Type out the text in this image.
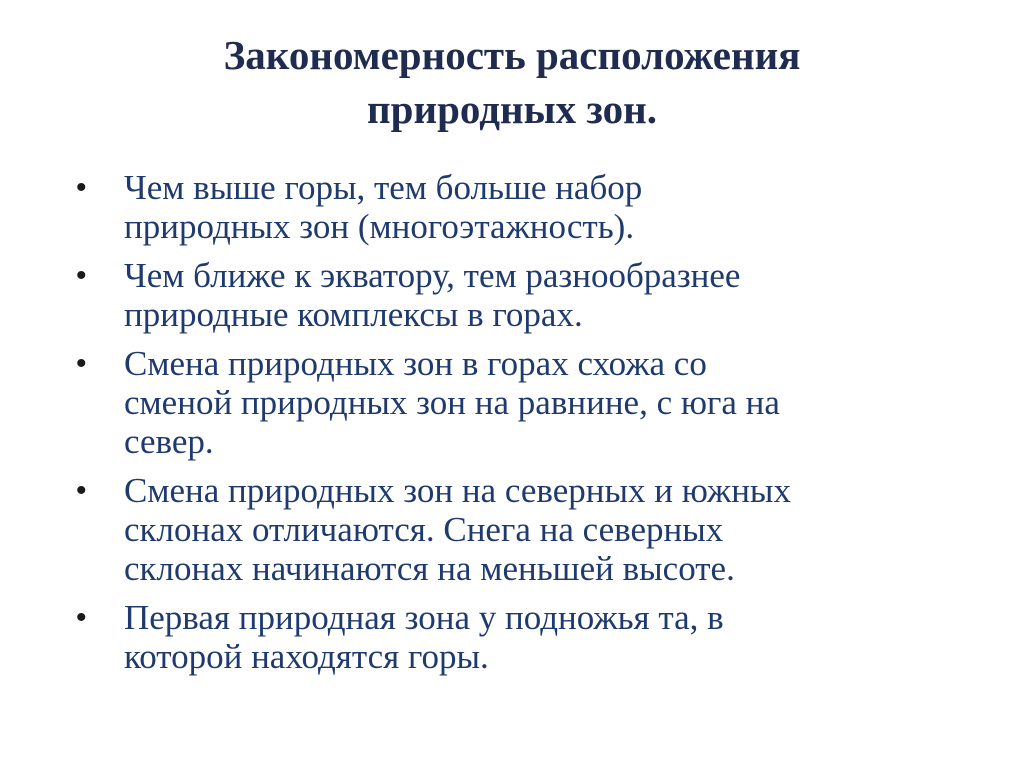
Закономерность расположения
природных зон.
• Чем выше горы, тем больше набор
природных зон (многоэтажность).
• Чем ближе к экватору, тем разнообразнее
природные комплексы в горах.
• Смена природных зон в горах схожа со
сменой природных зон на равнине, с юга на
север.
• Смена природных зон на северных и южных
склонах отличаются. Снега на северных
склонах начинаются на меньшей высоте.
• Первая природная зона у подножья та, в
которой находятся горы.
